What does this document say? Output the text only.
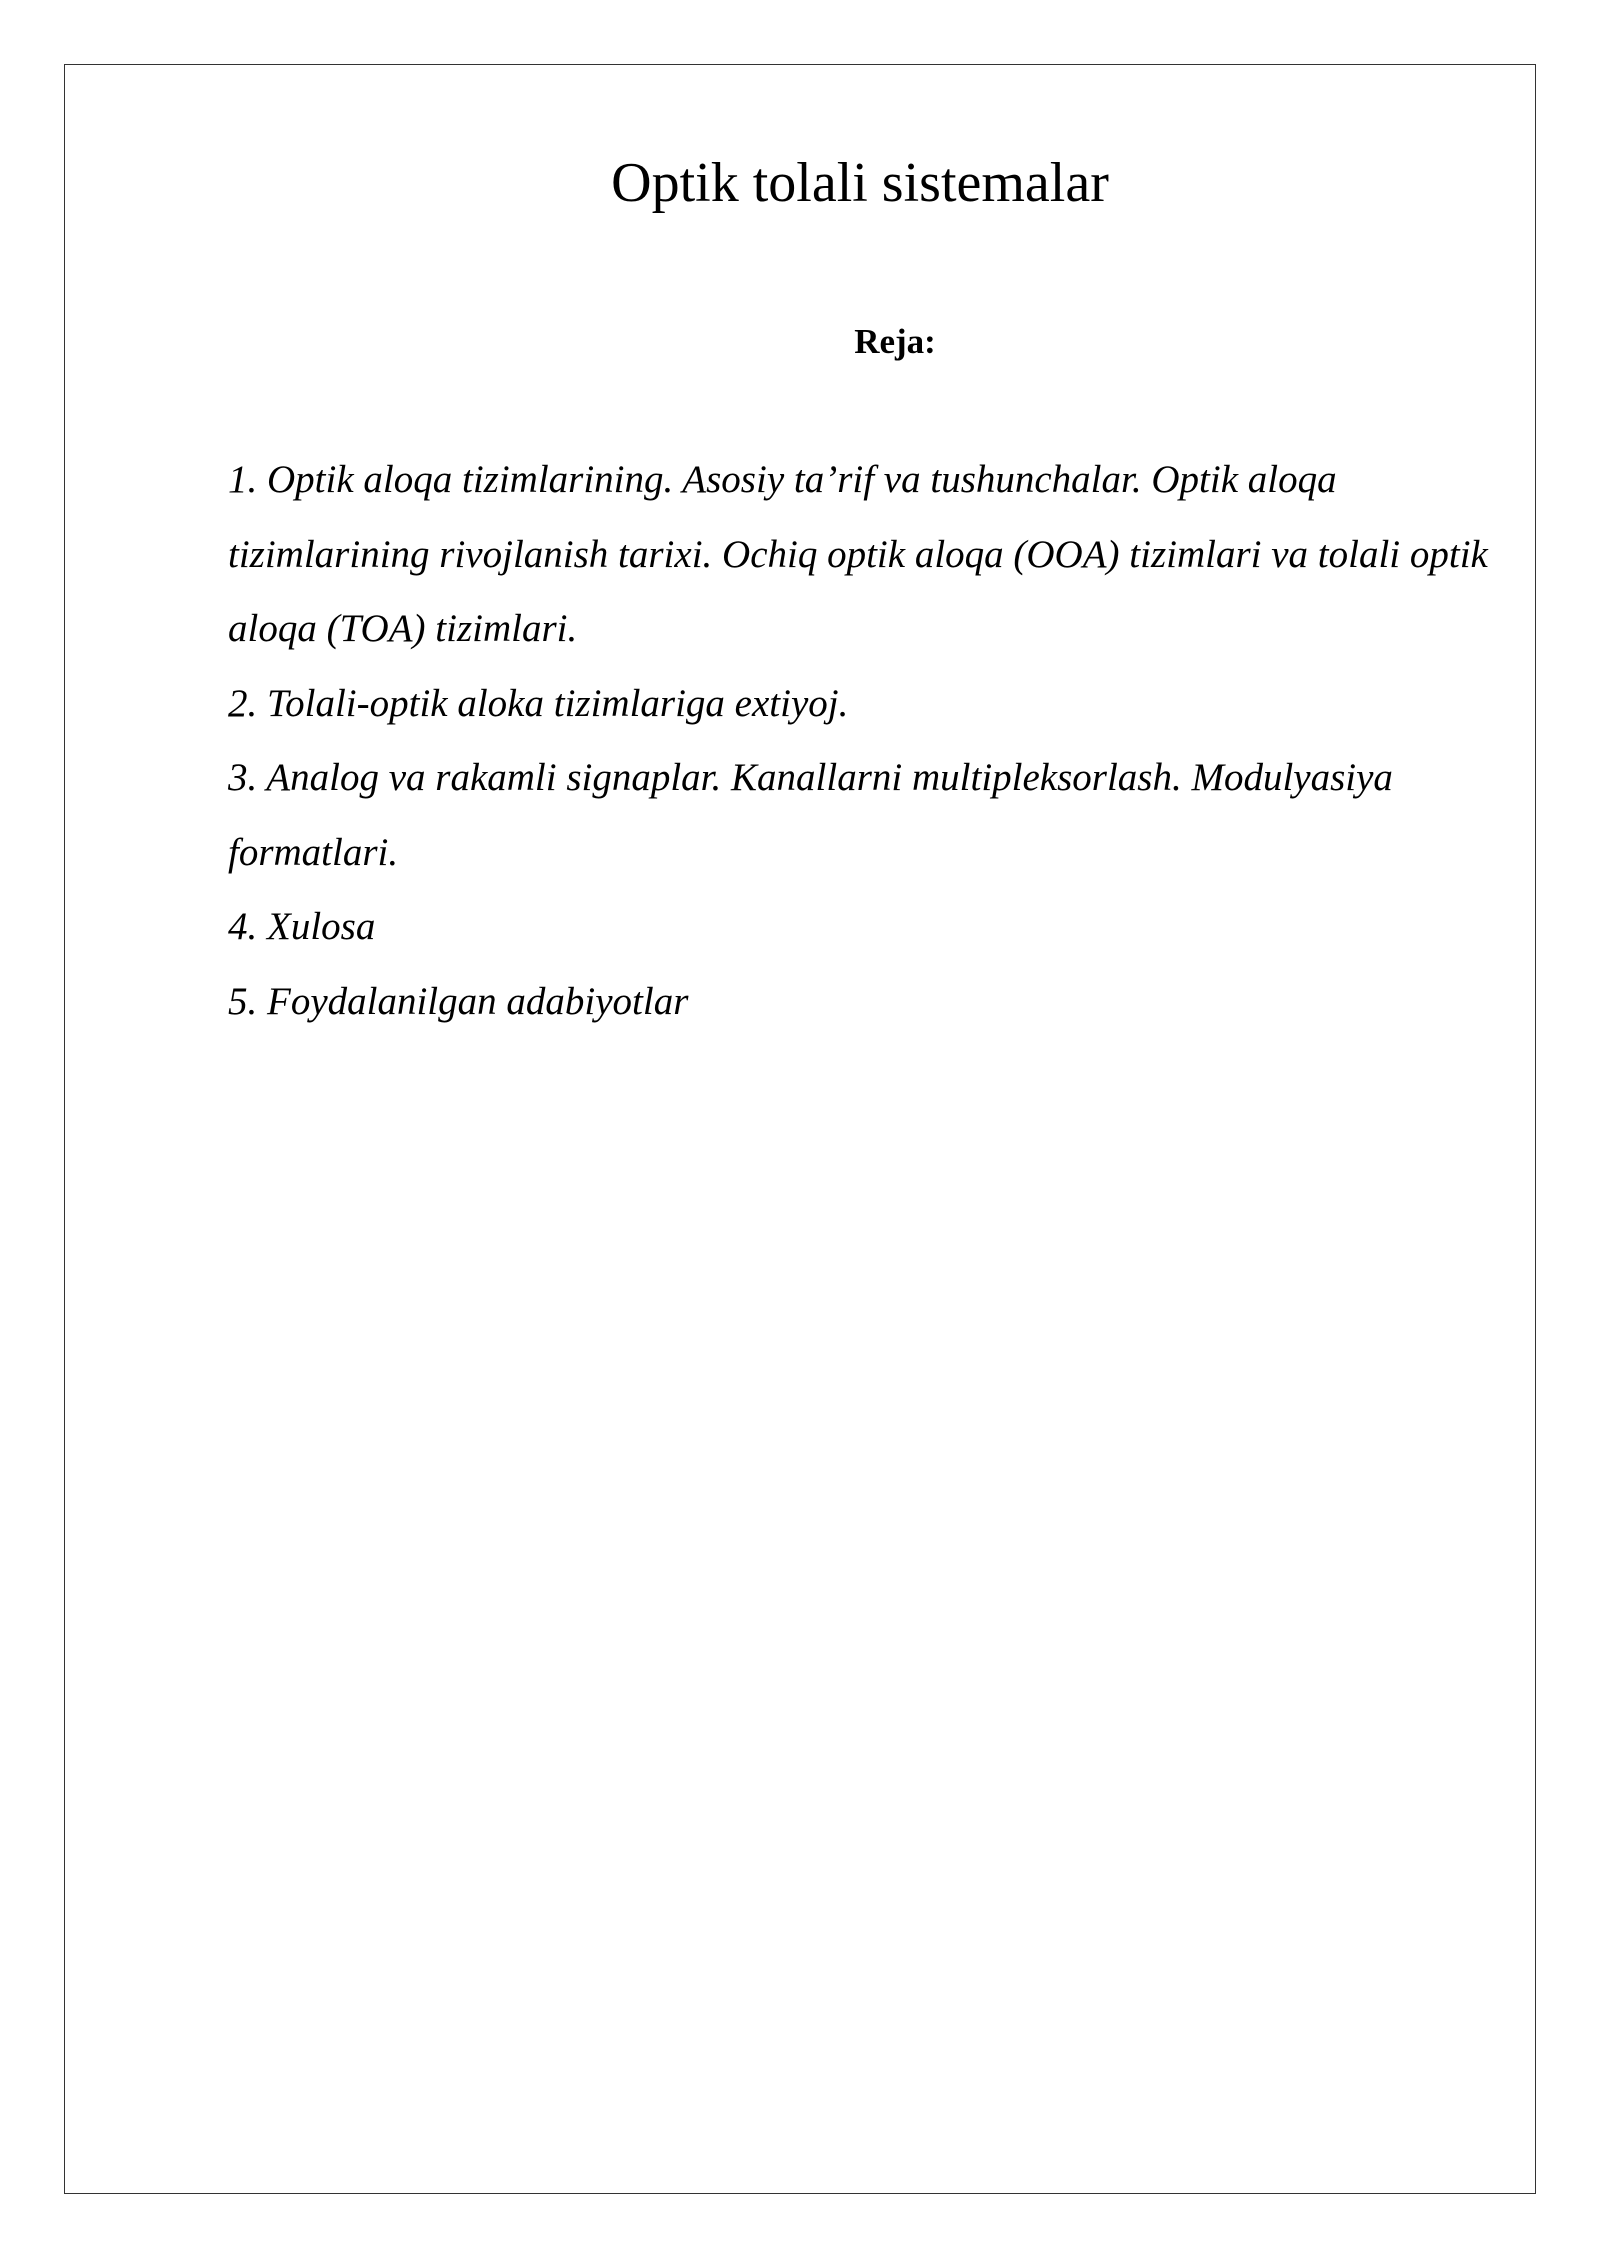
Optik tolali sistemalar
Reja:
1. Optik aloqa tizimlarining. Asosiy ta’rif va tushunchalar. Optik aloqa tizimlarining rivojlanish tarixi. Ochiq optik aloqa (OOA) tizimlari va tolali optik aloqa (TOA) tizimlari.
2. Tolali-optik aloka tizimlariga extiyoj.
3. Analog va rakamli signaplar. Kanallarni multipleksorlash. Modulyasiya formatlari.
4. Xulosa
5. Foydalanilgan adabiyotlar
